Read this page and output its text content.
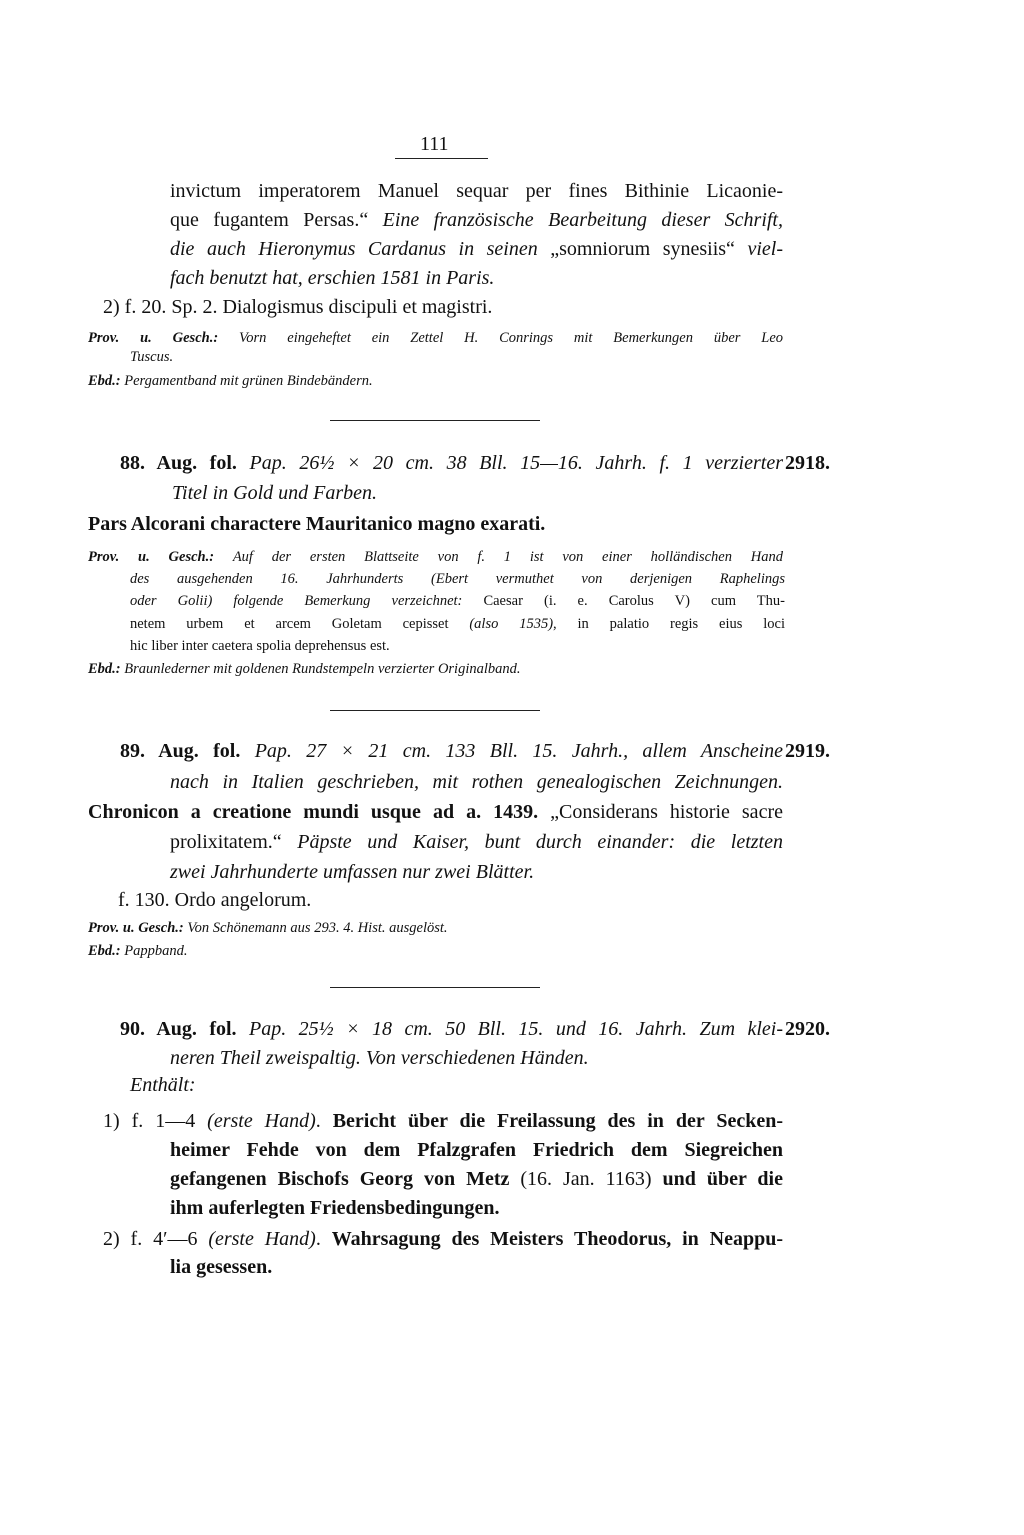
111
invictum imperatorem Manuel sequar per fines Bithinie Licaonie-
que fugantem Persas.“ Eine französische Bearbeitung dieser Schrift,
die auch Hieronymus Cardanus in seinen „somniorum synesiis“ viel-
fach benutzt hat, erschien 1581 in Paris.
2) f. 20. Sp. 2. Dialogismus discipuli et magistri.
Prov. u. Gesch.: Vorn eingeheftet ein Zettel H. Conrings mit Bemerkungen über Leo
Tuscus.
Ebd.: Pergamentband mit grünen Bindebändern.
88. Aug. fol. Pap. 26½ × 20 cm. 38 Bll. 15—16. Jahrh. f. 1 verzierter
Titel in Gold und Farben.
Pars Alcorani charactere Mauritanico magno exarati.
Prov. u. Gesch.: Auf der ersten Blattseite von f. 1 ist von einer holländischen Hand
des ausgehenden 16. Jahrhunderts (Ebert vermuthet von derjenigen Raphelings
oder Golii) folgende Bemerkung verzeichnet: Caesar (i. e. Carolus V) cum Thu-
netem urbem et arcem Goletam cepisset (also 1535), in palatio regis eius loci
hic liber inter caetera spolia deprehensus est.
Ebd.: Braunlederner mit goldenen Rundstempeln verzierter Originalband.
89. Aug. fol. Pap. 27 × 21 cm. 133 Bll. 15. Jahrh., allem Anscheine
nach in Italien geschrieben, mit rothen genealogischen Zeichnungen.
Chronicon a creatione mundi usque ad a. 1439. „Considerans historie sacre
prolixitatem.“ Päpste und Kaiser, bunt durch einander: die letzten
zwei Jahrhunderte umfassen nur zwei Blätter.
f. 130. Ordo angelorum.
Prov. u. Gesch.: Von Schönemann aus 293. 4. Hist. ausgelöst.
Ebd.: Pappband.
90. Aug. fol. Pap. 25½ × 18 cm. 50 Bll. 15. und 16. Jahrh. Zum klei-
neren Theil zweispaltig. Von verschiedenen Händen.
Enthält:
1) f. 1—4 (erste Hand). Bericht über die Freilassung des in der Secken-
heimer Fehde von dem Pfalzgrafen Friedrich dem Siegreichen
gefangenen Bischofs Georg von Metz (16. Jan. 1163) und über die
ihm auferlegten Friedensbedingungen.
2) f. 4′—6 (erste Hand). Wahrsagung des Meisters Theodorus, in Neappu-
lia gesessen.
2918.
2919.
2920.
